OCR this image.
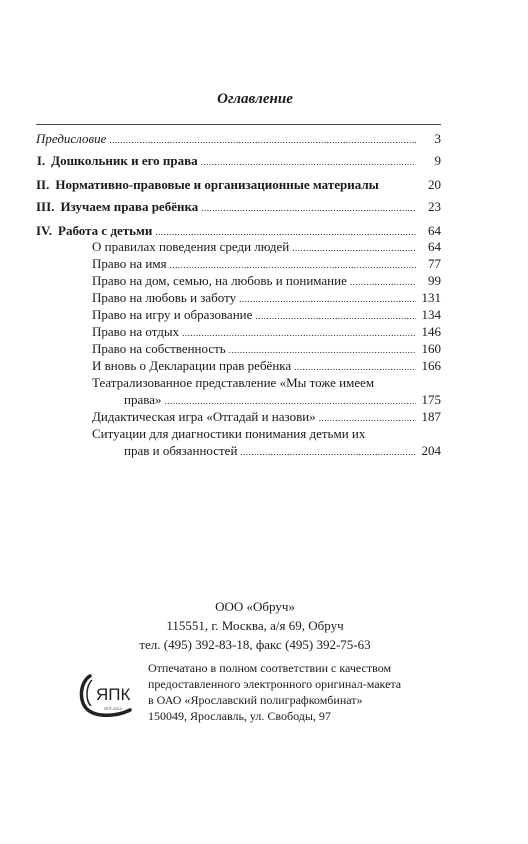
Оглавление
Предисловие .....	3
I. Дошкольник и его права .....	9
II. Нормативно-правовые и организационные материалы	20
III. Изучаем права ребёнка .....	23
IV. Работа с детьми .....	64
О правилах поведения среди людей .....	64
Право на имя .....	77
Право на дом, семью, на любовь и понимание .....	99
Право на любовь и заботу .....	131
Право на игру и образование .....	134
Право на отдых .....	146
Право на собственность .....	160
И вновь о Декларации прав ребёнка .....	166
Театрализованное представление «Мы тоже имеем
права» .....	175
Дидактическая игра «Отгадай и назови» .....	187
Ситуации для диагностики понимания детьми их
прав и обязанностей .....	204
ООО «Обруч»
115551, г. Москва, а/я 69, Обруч
тел. (495) 392-83-18, факс (495) 392-75-63
ЯПК
ЯПГ-2012
Отпечатано в полном соответствии с качеством
предоставленного электронного оригинал-макета
в ОАО «Ярославский полиграфкомбинат»
150049, Ярославль, ул. Свободы, 97
